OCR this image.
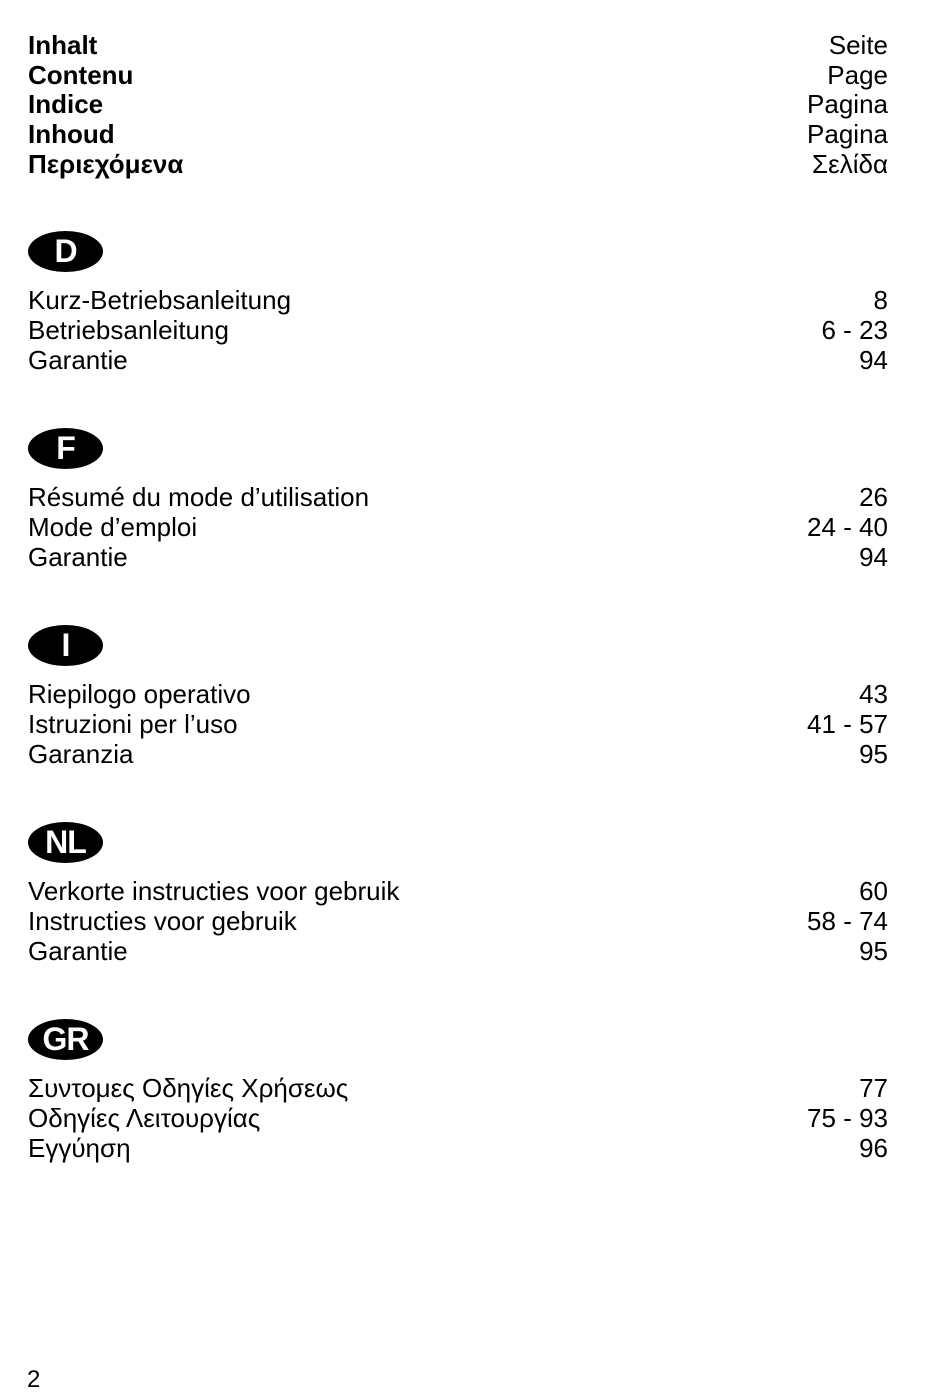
Inhalt	Seite
Contenu	Page
Indice	Pagina
Inhoud	Pagina
Περιεχόμενα	Σελίδα
D
Kurz-Betriebsanleitung	8
Betriebsanleitung	6 - 23
Garantie	94
F
Résumé du mode d’utilisation	26
Mode d’emploi	24 - 40
Garantie	94
I
Riepilogo operativo	43
Istruzioni per l’uso	41 - 57
Garanzia	95
NL
Verkorte instructies voor gebruik	60
Instructies voor gebruik	58 - 74
Garantie	95
GR
Συντομες Οδηγίες Χρήσεως	77
Οδηγίες Λειτουργίας	75 - 93
Εγγύηση	96
2
